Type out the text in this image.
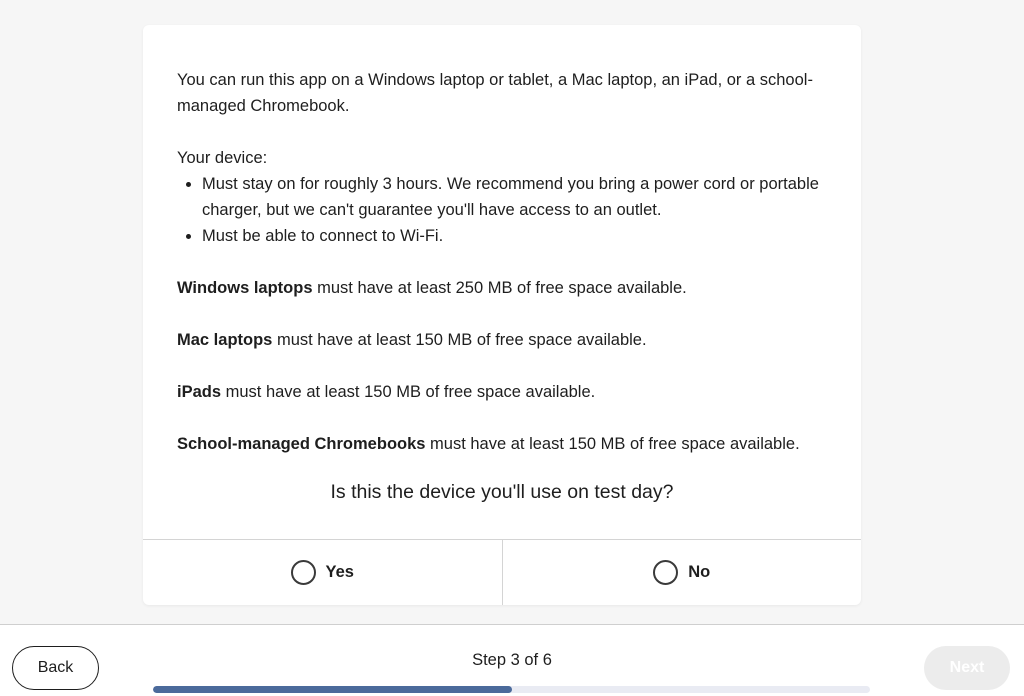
You can run this app on a Windows laptop or tablet, a Mac laptop, an iPad, or a school-managed Chromebook.

Your device:

Must stay on for roughly 3 hours. We recommend you bring a power cord or portable charger, but we can't guarantee you'll have access to an outlet.
Must be able to connect to Wi-Fi.

Windows laptops must have at least 250 MB of free space available.

Mac laptops must have at least 150 MB of free space available.

iPads must have at least 150 MB of free space available.

School-managed Chromebooks must have at least 150 MB of free space available.

Is this the device you'll use on test day?
Yes	No
Back	Step 3 of 6	Next
